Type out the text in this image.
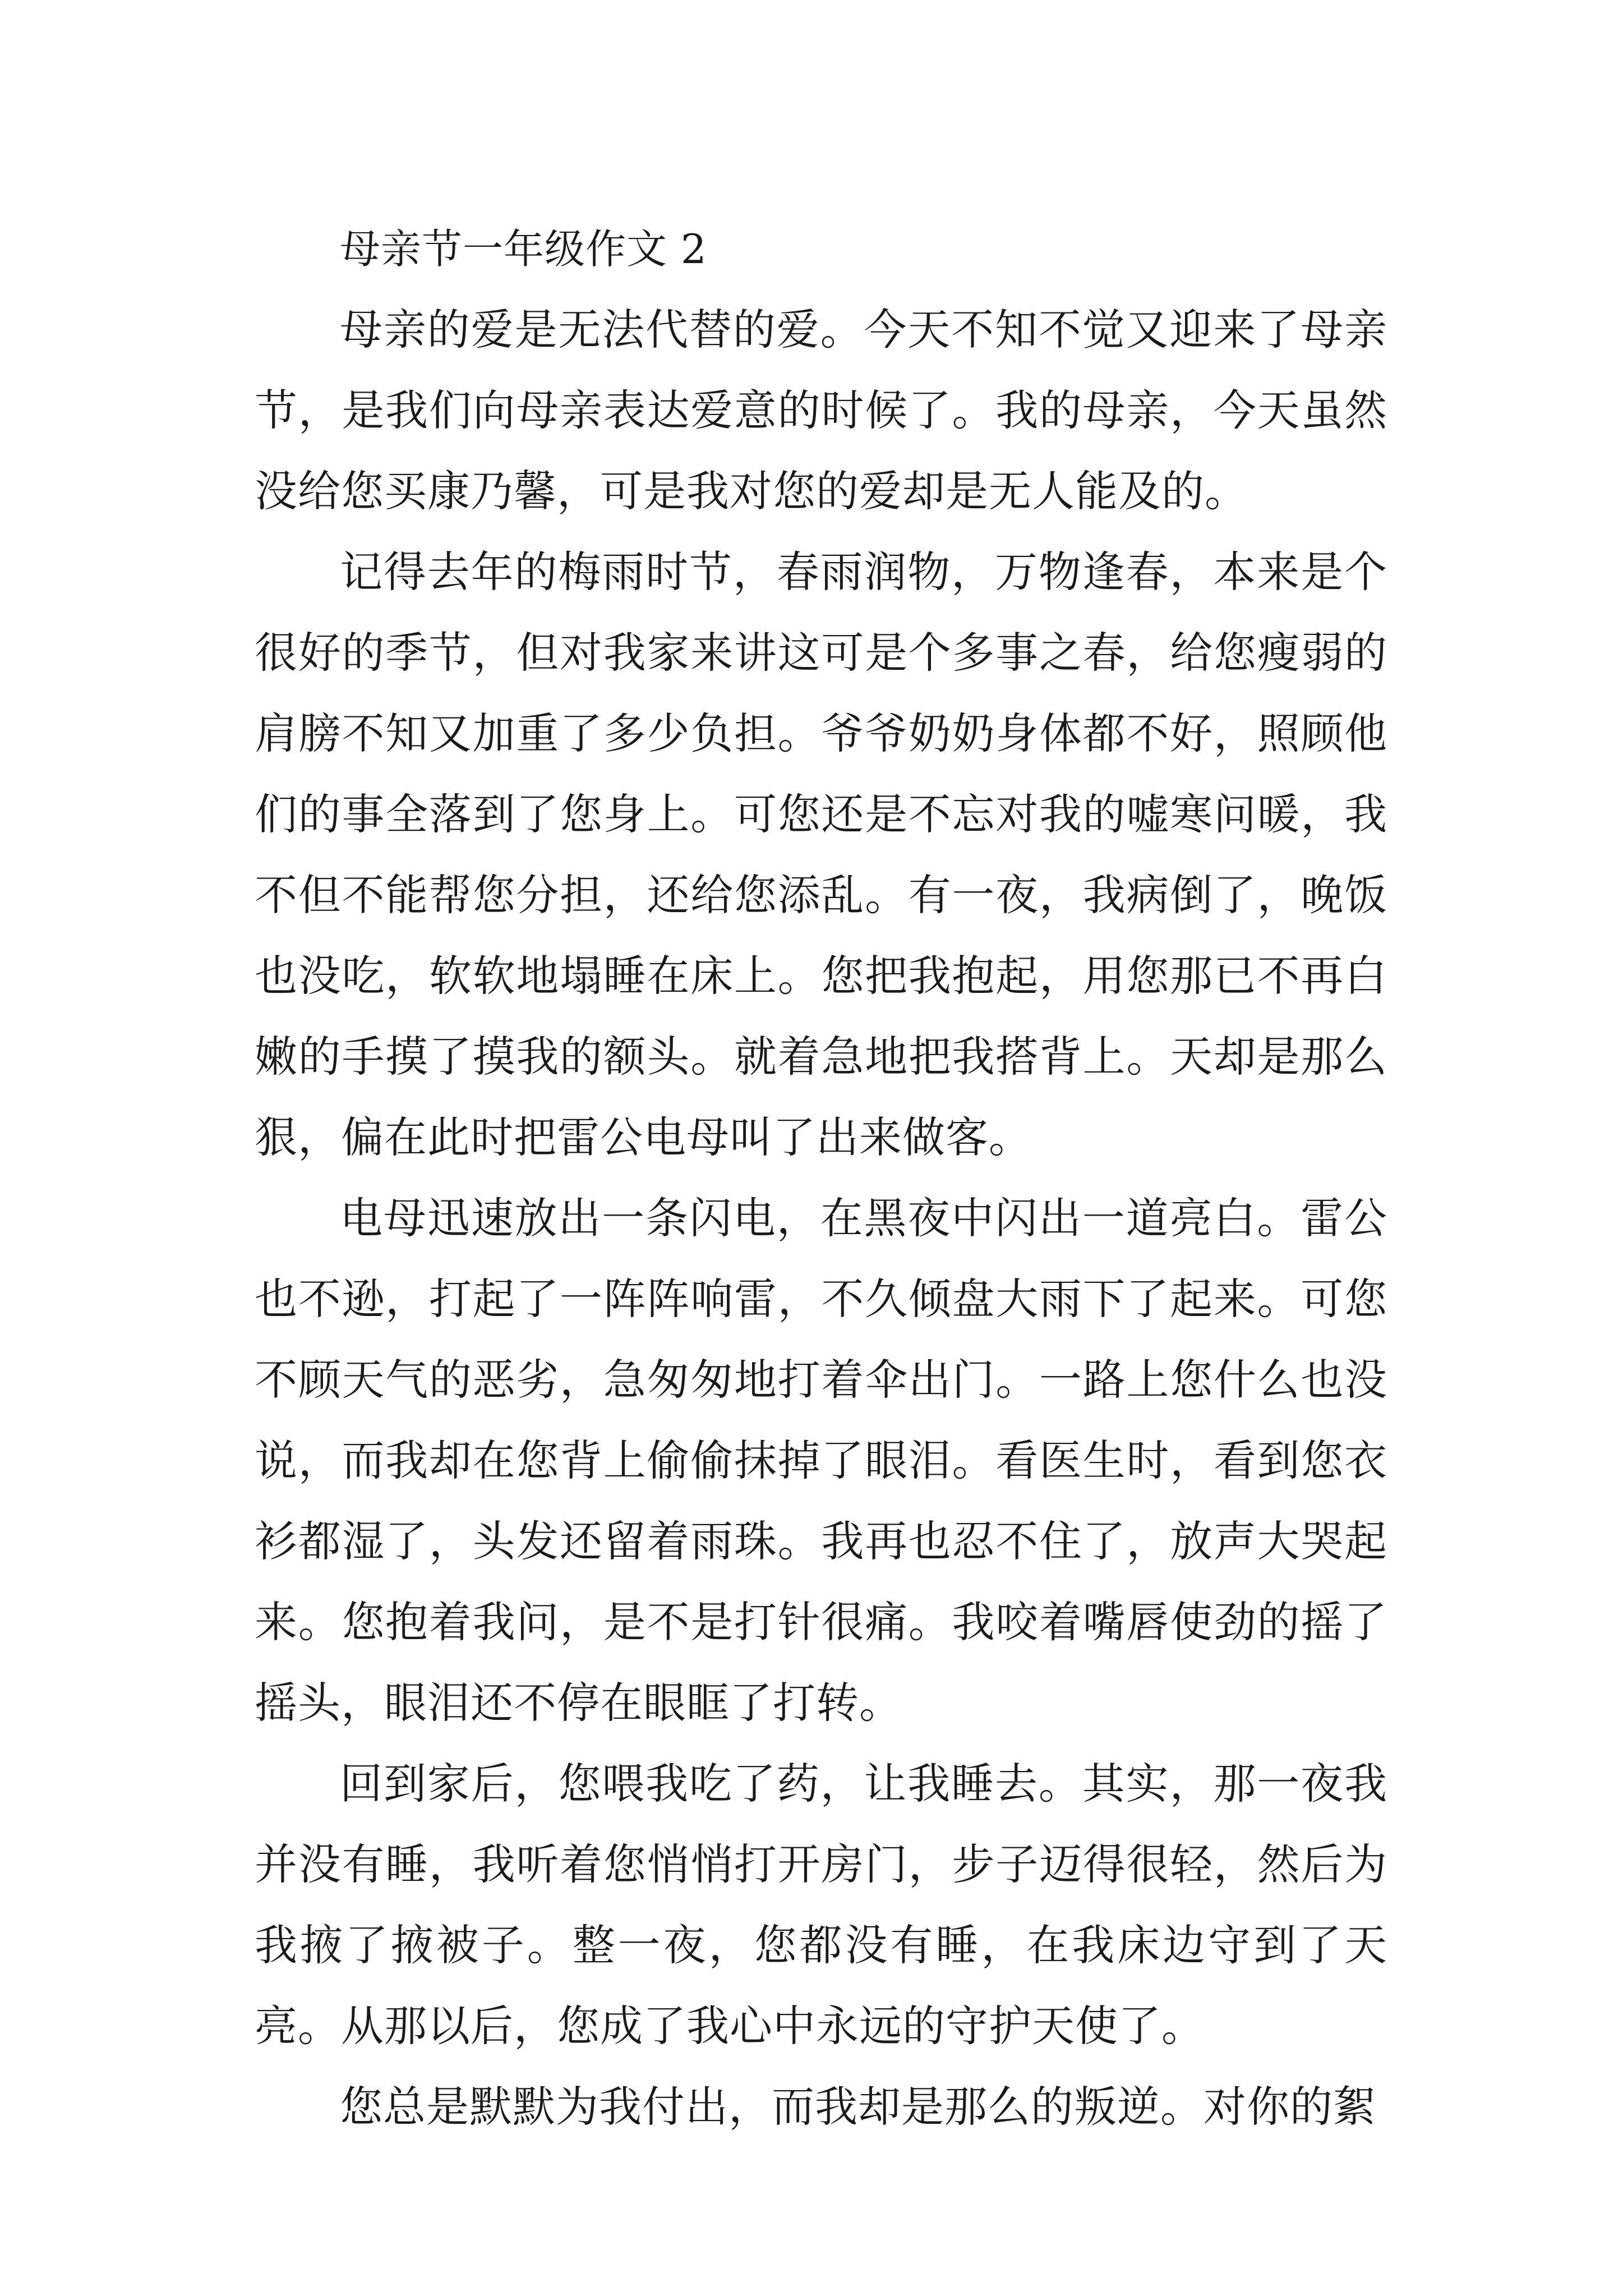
母亲节一年级作文 2

母亲的爱是无法代替的爱。今天不知不觉又迎来了母亲节，是我们向母亲表达爱意的时候了。我的母亲，今天虽然没给您买康乃馨，可是我对您的爱却是无人能及的。

记得去年的梅雨时节，春雨润物，万物逢春，本来是个很好的季节，但对我家来讲这可是个多事之春，给您瘦弱的肩膀不知又加重了多少负担。爷爷奶奶身体都不好，照顾他们的事全落到了您身上。可您还是不忘对我的嘘寒问暖，我不但不能帮您分担，还给您添乱。有一夜，我病倒了，晚饭也没吃，软软地塌睡在床上。您把我抱起，用您那已不再白嫩的手摸了摸我的额头。就着急地把我搭背上。天却是那么狠，偏在此时把雷公电母叫了出来做客。

电母迅速放出一条闪电，在黑夜中闪出一道亮白。雷公也不逊，打起了一阵阵响雷，不久倾盘大雨下了起来。可您不顾天气的恶劣，急匆匆地打着伞出门。一路上您什么也没说，而我却在您背上偷偷抹掉了眼泪。看医生时，看到您衣衫都湿了，头发还留着雨珠。我再也忍不住了，放声大哭起来。您抱着我问，是不是打针很痛。我咬着嘴唇使劲的摇了摇头，眼泪还不停在眼眶了打转。

回到家后，您喂我吃了药，让我睡去。其实，那一夜我并没有睡，我听着您悄悄打开房门，步子迈得很轻，然后为我掖了掖被子。整一夜，您都没有睡，在我床边守到了天亮。从那以后，您成了我心中永远的守护天使了。

您总是默默为我付出，而我却是那么的叛逆。对你的絮
